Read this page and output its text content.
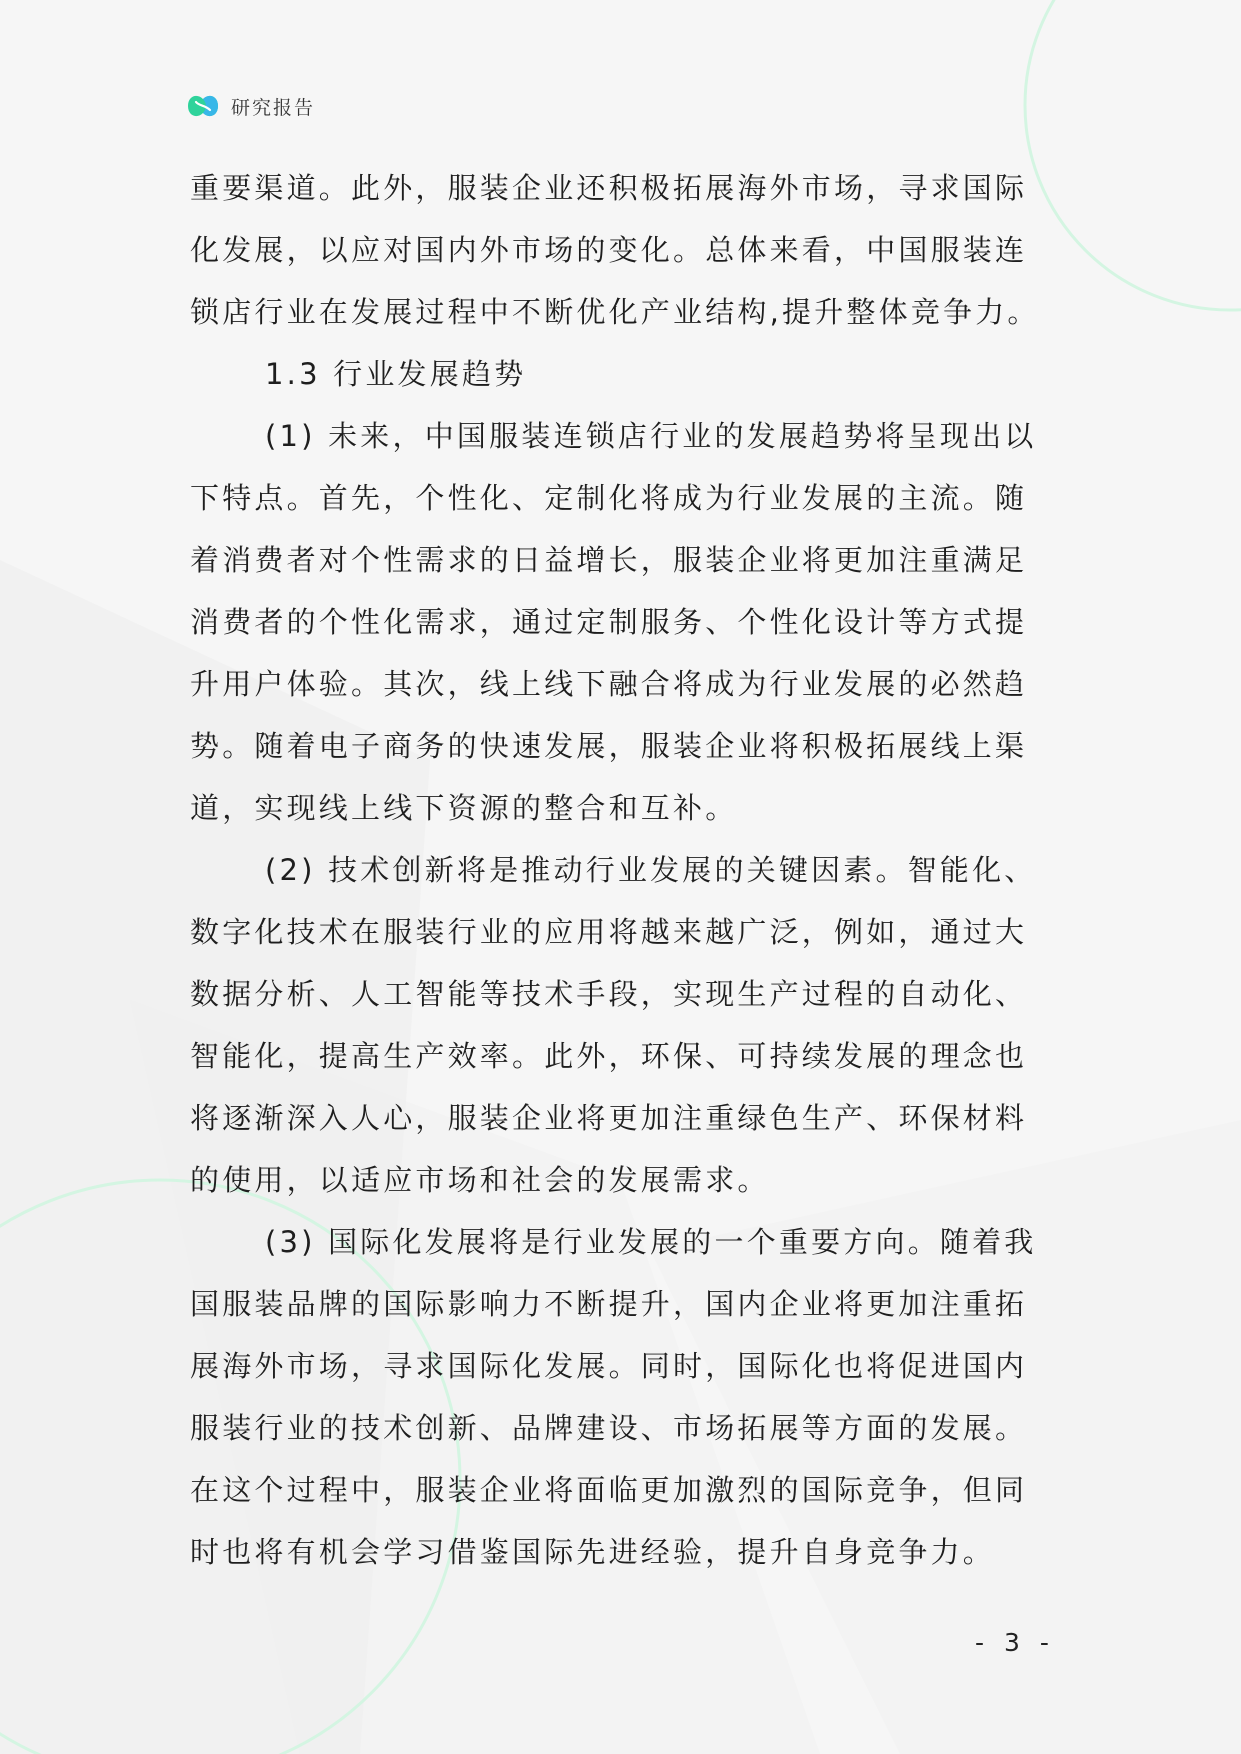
研究报告
重要渠道。此外，服装企业还积极拓展海外市场，寻求国际
化发展，以应对国内外市场的变化。总体来看，中国服装连
锁店行业在发展过程中不断优化产业结构,提升整体竞争力。
1.3 行业发展趋势
(1) 未来，中国服装连锁店行业的发展趋势将呈现出以
下特点。首先，个性化、定制化将成为行业发展的主流。随
着消费者对个性需求的日益增长，服装企业将更加注重满足
消费者的个性化需求，通过定制服务、个性化设计等方式提
升用户体验。其次，线上线下融合将成为行业发展的必然趋
势。随着电子商务的快速发展，服装企业将积极拓展线上渠
道，实现线上线下资源的整合和互补。
(2) 技术创新将是推动行业发展的关键因素。智能化、
数字化技术在服装行业的应用将越来越广泛，例如，通过大
数据分析、人工智能等技术手段，实现生产过程的自动化、
智能化，提高生产效率。此外，环保、可持续发展的理念也
将逐渐深入人心，服装企业将更加注重绿色生产、环保材料
的使用，以适应市场和社会的发展需求。
(3) 国际化发展将是行业发展的一个重要方向。随着我
国服装品牌的国际影响力不断提升，国内企业将更加注重拓
展海外市场，寻求国际化发展。同时，国际化也将促进国内
服装行业的技术创新、品牌建设、市场拓展等方面的发展。
在这个过程中，服装企业将面临更加激烈的国际竞争，但同
时也将有机会学习借鉴国际先进经验，提升自身竞争力。
- 3 -
